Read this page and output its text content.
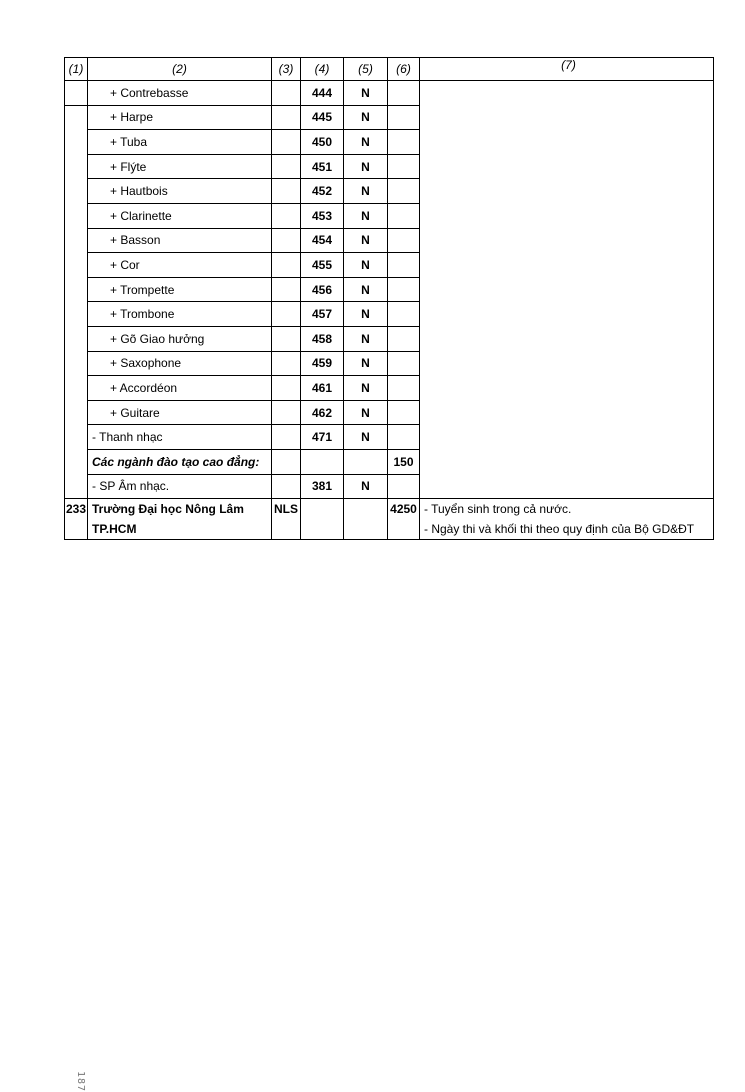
(1)	(2)	(3)	(4)	(5)	(6)	(7)
	+ Contrebasse		444	N		
	+ Harpe		445	N		
	+ Tuba		450	N		
	+ Flýte		451	N		
	+ Hautbois		452	N		
	+ Clarinette		453	N		
	+ Basson		454	N		
	+ Cor		455	N		
	+ Trompette		456	N		
	+ Trombone		457	N		
	+ Gõ Giao hưởng		458	N		
	+ Saxophone		459	N		
	+ Accordéon		461	N		
	+ Guitare		462	N		
	- Thanh nhạc		471	N		
	Các ngành đào tạo cao đẳng:				150	
	- SP Âm nhạc.		381	N		
233	Trường Đại học Nông Lâm TP.HCM	NLS			4250	- Tuyển sinh trong cả nước.
- Ngày thi và khối thi theo quy định của Bộ GD&ĐT
187
